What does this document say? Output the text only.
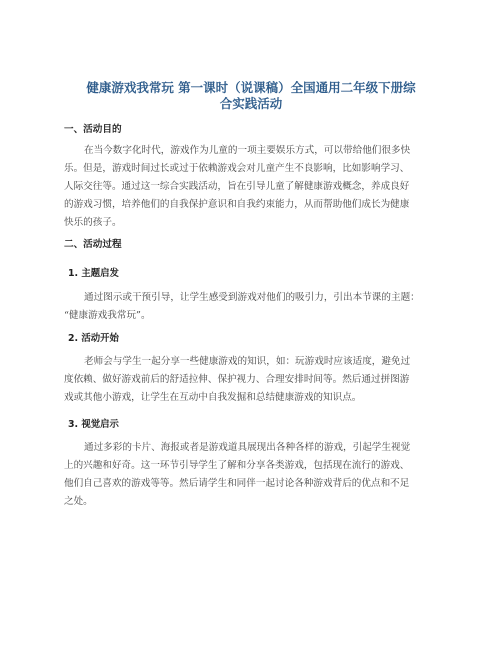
健康游戏我常玩 第一课时（说课稿）全国通用二年级下册综
合实践活动
一、活动目的
在当今数字化时代，游戏作为儿童的一项主要娱乐方式，可以带给他们很多快
乐。但是，游戏时间过长或过于依赖游戏会对儿童产生不良影响，比如影响学习、
人际交往等。通过这一综合实践活动，旨在引导儿童了解健康游戏概念，养成良好
的游戏习惯，培养他们的自我保护意识和自我约束能力，从而帮助他们成长为健康
快乐的孩子。
二、活动过程
1. 主题启发
通过图示或干预引导，让学生感受到游戏对他们的吸引力，引出本节课的主题：
“健康游戏我常玩”。
2. 活动开始
老师会与学生一起分享一些健康游戏的知识，如：玩游戏时应该适度，避免过
度依赖、做好游戏前后的舒适拉伸、保护视力、合理安排时间等。然后通过拼图游
戏或其他小游戏，让学生在互动中自我发掘和总结健康游戏的知识点。
3. 视觉启示
通过多彩的卡片、海报或者是游戏道具展现出各种各样的游戏，引起学生视觉
上的兴趣和好奇。这一环节引导学生了解和分享各类游戏，包括现在流行的游戏、
他们自己喜欢的游戏等等。然后请学生和同伴一起讨论各种游戏背后的优点和不足
之处。
